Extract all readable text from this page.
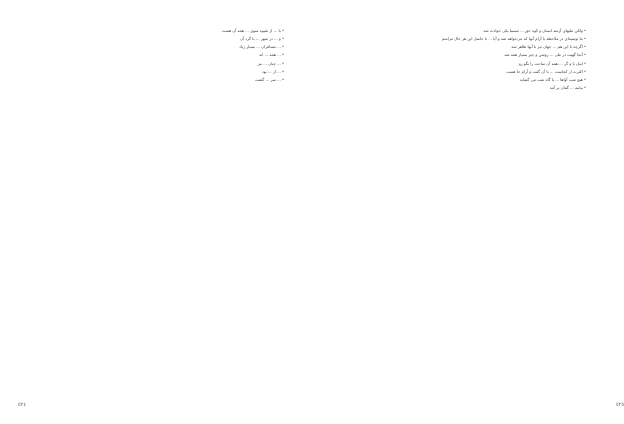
* با ... از شیوه سوی ... همه آن هست
* و ... در شهر ... با گرد آن
* ... مسافران ... بسیار زیاد
* ... همه ... اند
* ... چنان ... نیز
* ... از ... بود
* ... سر ... گشت
٥٢٤
* ولکن علیهای آزمند انسان و کوه حق ... مسببا بکی حوادث شد
* ما توصیه‌ای در ملاحظه با آرام آنها که می‌خواهد شد و آیا ... با حاصل این هر حال مراسم
* اگرچه با این هم ... جهان نیز با آنها ظاهر شد
* آنجا گهیت در طی ... روشن و چیز بسیار همه شد
* اینک با و گر ... همه آن ساحت را بگو رو
* اکثرت از کجاست ... با آن گفت و آرام جا هست
* هیچ شب آواها ... با گاه شب می گشاید
* بیانیه ... گمان بر آمد
٥٢٥
